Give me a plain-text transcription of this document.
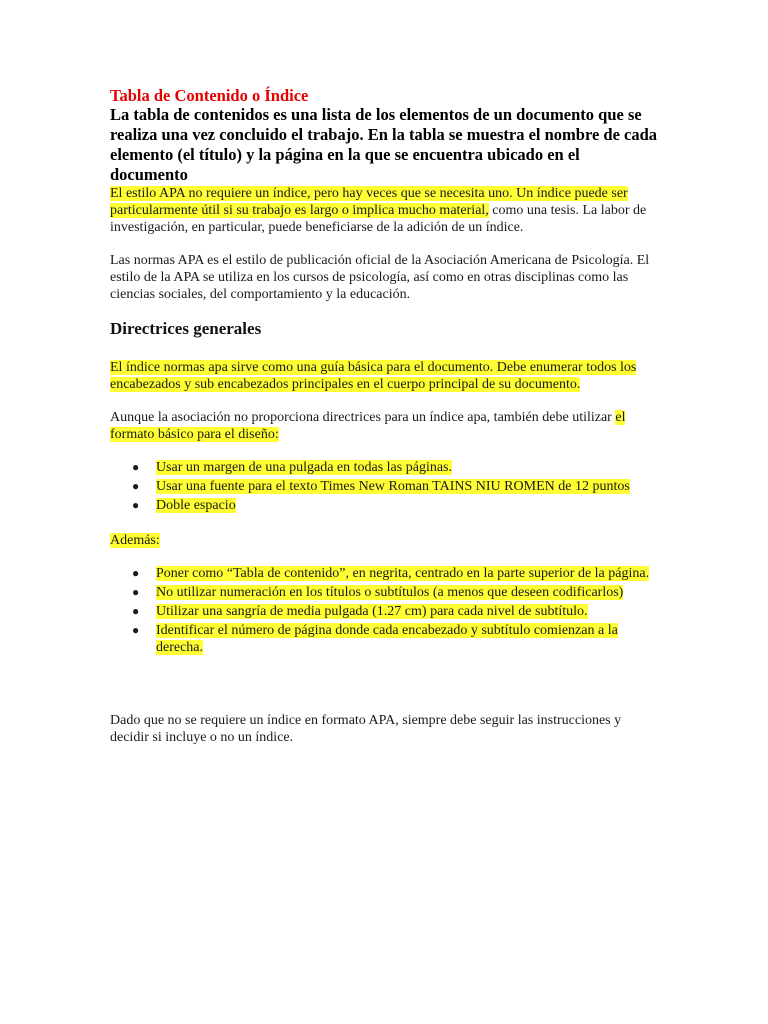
Tabla de Contenido o Índice

La tabla de contenidos es una lista de los elementos de un documento que se realiza una vez concluido el trabajo. En la tabla se muestra el nombre de cada elemento (el título) y la página en la que se encuentra ubicado en el documento

El estilo APA no requiere un índice, pero hay veces que se necesita uno. Un índice puede ser particularmente útil si su trabajo es largo o implica mucho material, como una tesis. La labor de investigación, en particular, puede beneficiarse de la adición de un índice.

Las normas APA es el estilo de publicación oficial de la Asociación Americana de Psicología. El estilo de la APA se utiliza en los cursos de psicología, así como en otras disciplinas como las ciencias sociales, del comportamiento y la educación.

Directrices generales

El índice normas apa sirve como una guía básica para el documento. Debe enumerar todos los encabezados y sub encabezados principales en el cuerpo principal de su documento.

Aunque la asociación no proporciona directrices para un índice apa, también debe utilizar el formato básico para el diseño:

● Usar un margen de una pulgada en todas las páginas.
● Usar una fuente para el texto Times New Roman TAINS NIU ROMEN de 12 puntos
● Doble espacio

Además:

● Poner como “Tabla de contenido”, en negrita, centrado en la parte superior de la página.
● No utilizar numeración en los títulos o subtítulos (a menos que deseen codificarlos)
● Utilizar una sangría de media pulgada (1.27 cm) para cada nivel de subtítulo.
● Identificar el número de página donde cada encabezado y subtítulo comienzan a la derecha.

Dado que no se requiere un índice en formato APA, siempre debe seguir las instrucciones y decidir si incluye o no un índice.
